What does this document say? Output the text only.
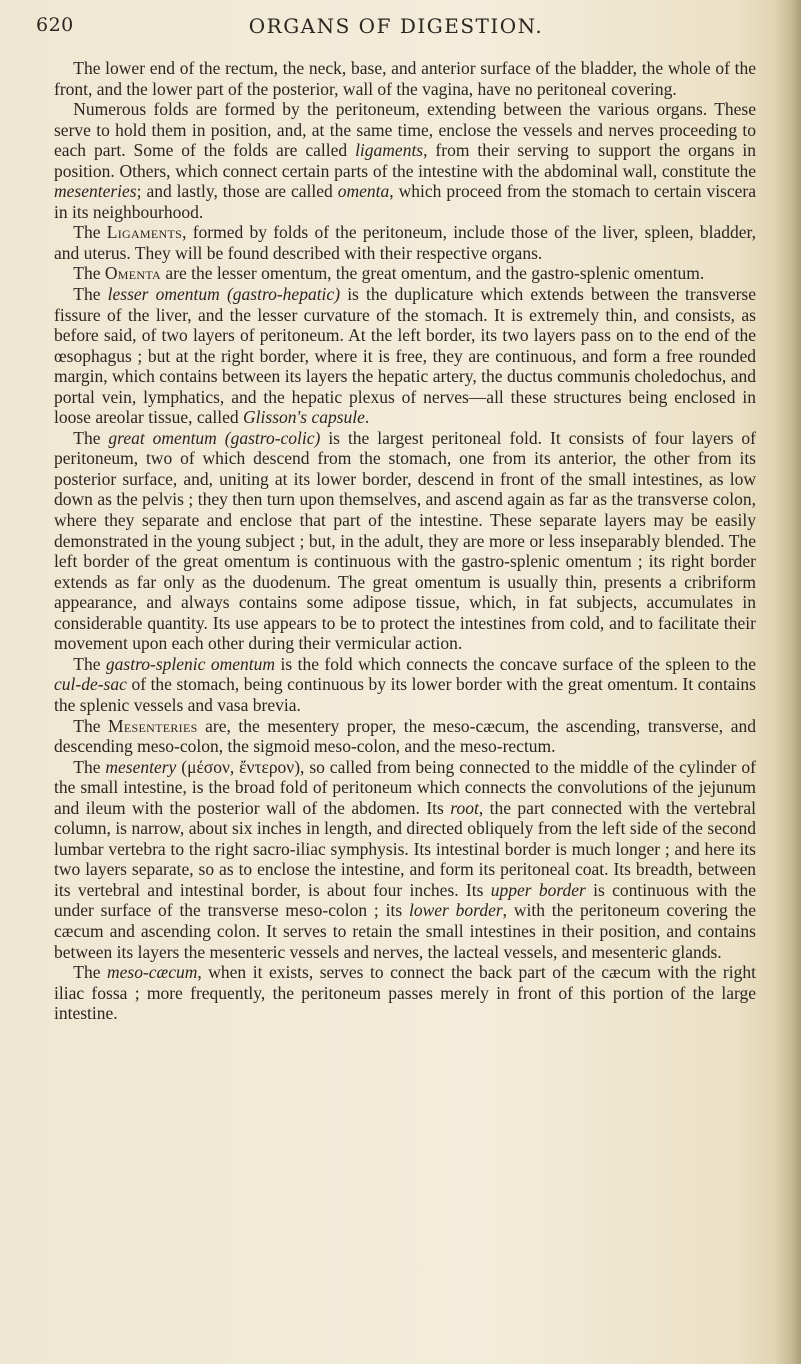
620	ORGANS OF DIGESTION.

The lower end of the rectum, the neck, base, and anterior surface of the bladder, the whole of the front, and the lower part of the posterior, wall of the vagina, have no peritoneal covering.

Numerous folds are formed by the peritoneum, extending between the various organs. These serve to hold them in position, and, at the same time, enclose the vessels and nerves proceeding to each part. Some of the folds are called ligaments, from their serving to support the organs in position. Others, which connect certain parts of the intestine with the abdominal wall, constitute the mesenteries; and lastly, those are called omenta, which proceed from the stomach to certain viscera in its neighbourhood.

The Ligaments, formed by folds of the peritoneum, include those of the liver, spleen, bladder, and uterus. They will be found described with their respective organs.

The Omenta are the lesser omentum, the great omentum, and the gastro-splenic omentum.

The lesser omentum (gastro-hepatic) is the duplicature which extends between the transverse fissure of the liver, and the lesser curvature of the stomach. It is extremely thin, and consists, as before said, of two layers of peritoneum. At the left border, its two layers pass on to the end of the œsophagus ; but at the right border, where it is free, they are continuous, and form a free rounded margin, which contains between its layers the hepatic artery, the ductus communis choledochus, and portal vein, lymphatics, and the hepatic plexus of nerves—all these structures being enclosed in loose areolar tissue, called Glisson's capsule.

The great omentum (gastro-colic) is the largest peritoneal fold. It consists of four layers of peritoneum, two of which descend from the stomach, one from its anterior, the other from its posterior surface, and, uniting at its lower border, descend in front of the small intestines, as low down as the pelvis ; they then turn upon themselves, and ascend again as far as the transverse colon, where they separate and enclose that part of the intestine. These separate layers may be easily demonstrated in the young subject ; but, in the adult, they are more or less inseparably blended. The left border of the great omentum is continuous with the gastro-splenic omentum ; its right border extends as far only as the duodenum. The great omentum is usually thin, presents a cribriform appearance, and always contains some adipose tissue, which, in fat subjects, accumulates in considerable quantity. Its use appears to be to protect the intestines from cold, and to facilitate their movement upon each other during their vermicular action.

The gastro-splenic omentum is the fold which connects the concave surface of the spleen to the cul-de-sac of the stomach, being continuous by its lower border with the great omentum. It contains the splenic vessels and vasa brevia.

The Mesenteries are, the mesentery proper, the meso-cæcum, the ascending, transverse, and descending meso-colon, the sigmoid meso-colon, and the meso-rectum.

The mesentery (μέσον, ἔντερον), so called from being connected to the middle of the cylinder of the small intestine, is the broad fold of peritoneum which connects the convolutions of the jejunum and ileum with the posterior wall of the abdomen. Its root, the part connected with the vertebral column, is narrow, about six inches in length, and directed obliquely from the left side of the second lumbar vertebra to the right sacro-iliac symphysis. Its intestinal border is much longer ; and here its two layers separate, so as to enclose the intestine, and form its peritoneal coat. Its breadth, between its vertebral and intestinal border, is about four inches. Its upper border is continuous with the under surface of the transverse meso-colon ; its lower border, with the peritoneum covering the cæcum and ascending colon. It serves to retain the small intestines in their position, and contains between its layers the mesenteric vessels and nerves, the lacteal vessels, and mesenteric glands.

The meso-cæcum, when it exists, serves to connect the back part of the cæcum with the right iliac fossa ; more frequently, the peritoneum passes merely in front of this portion of the large intestine.
